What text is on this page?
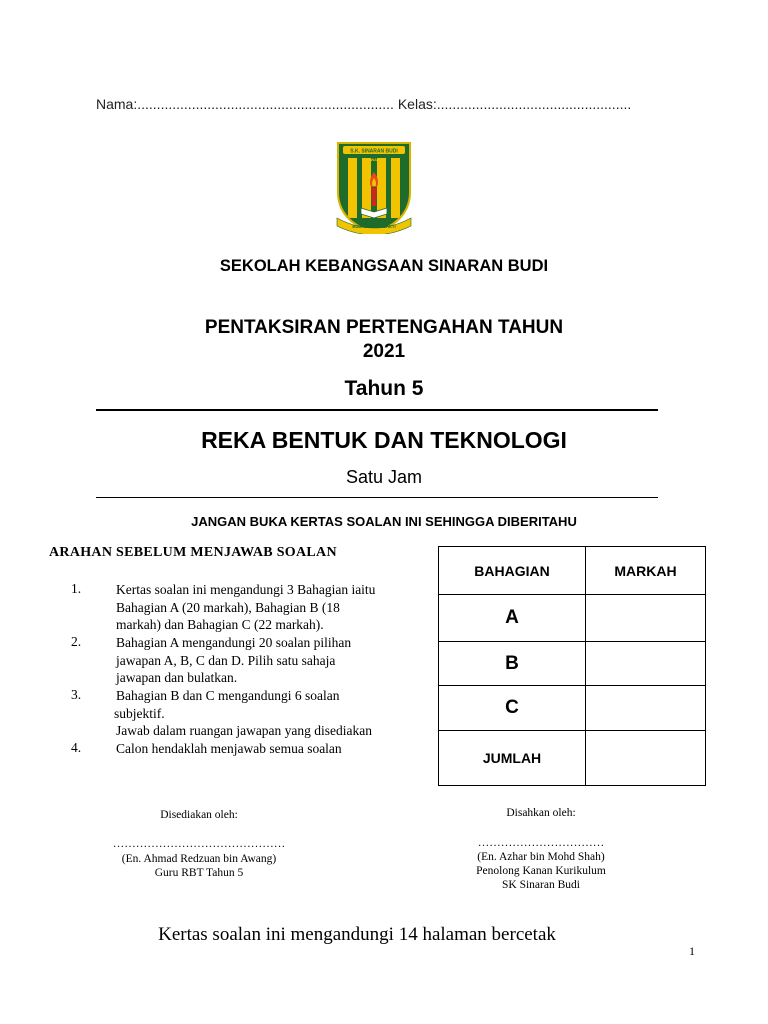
Nama:.................................................................. Kelas:..................................................
S.K. SINARAN BUDI
RAWANG
BUDI DAN BERBAKTI
SEKOLAH KEBANGSAAN SINARAN BUDI
PENTAKSIRAN PERTENGAHAN TAHUN
2021
Tahun 5
REKA BENTUK DAN TEKNOLOGI
Satu Jam
JANGAN BUKA KERTAS SOALAN INI SEHINGGA DIBERITAHU
ARAHAN SEBELUM MENJAWAB SOALAN
1.	Kertas soalan ini mengandungi 3 Bahagian iaitu
Bahagian A (20 markah), Bahagian B (18
markah) dan Bahagian C (22 markah).
2.	Bahagian A mengandungi 20 soalan pilihan
jawapan A, B, C dan D. Pilih satu sahaja
jawapan dan bulatkan.
3.	Bahagian B dan C mengandungi 6 soalan
subjektif.
Jawab dalam ruangan jawapan yang disediakan
4.	Calon hendaklah menjawab semua soalan
BAHAGIAN	MARKAH
A	
B	
C	
JUMLAH	
Disediakan oleh:
………………………………………
(En. Ahmad Redzuan bin Awang)
Guru RBT Tahun 5
Disahkan oleh:
……………………………
(En. Azhar bin Mohd Shah)
Penolong Kanan Kurikulum
SK Sinaran Budi
Kertas soalan ini mengandungi 14 halaman bercetak
1
